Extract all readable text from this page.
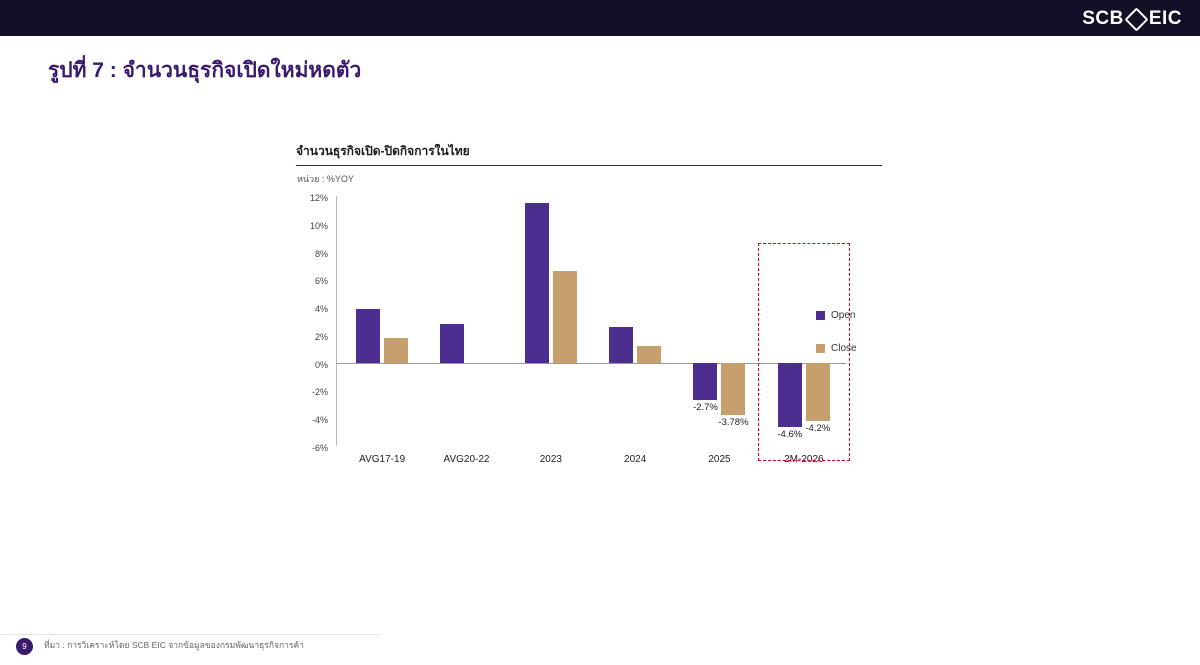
SCB EIC
รูปที่ 7 : จำนวนธุรกิจเปิดใหม่หดตัว
จำนวนธุรกิจเปิด-ปิดกิจการในไทย
หน่วย : %YOY
12%
10%
8%
6%
4%
2%
0%
-2%
-4%
-6%
-2.7%
-3.78%
-4.6%
-4.2%
AVG17-19	AVG20-22	2023	2024	2025	2M-2026
Open
Close
9	ที่มา : การวิเคราะห์โดย SCB EIC จากข้อมูลของกรมพัฒนาธุรกิจการค้า
